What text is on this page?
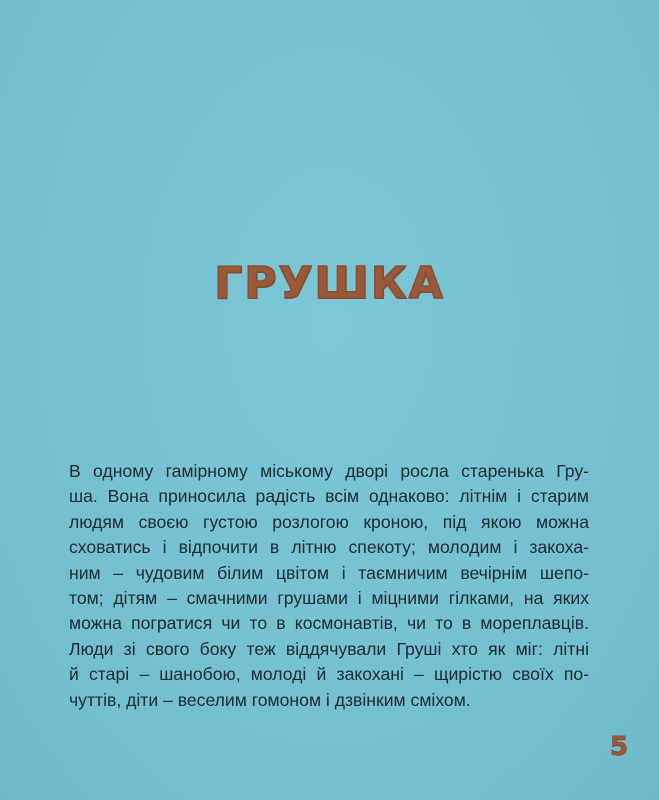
ГРУШКА
В одному гамірному міському дворі росла старенька Гру-
ша. Вона приносила радість всім однаково: літнім і старим
людям своєю густою розлогою кроною, під якою можна
сховатись і відпочити в літню спекоту; молодим і закоха-
ним – чудовим білим цвітом і таємничим вечірнім шепо-
том; дітям – смачними грушами і міцними гілками, на яких
можна погратися чи то в космонавтів, чи то в мореплавців.
Люди зі свого боку теж віддячували Груші хто як міг: літні
й старі – шанобою, молоді й закохані – щирістю своїх по-
чуттів, діти – веселим гомоном і дзвінким сміхом.
5
